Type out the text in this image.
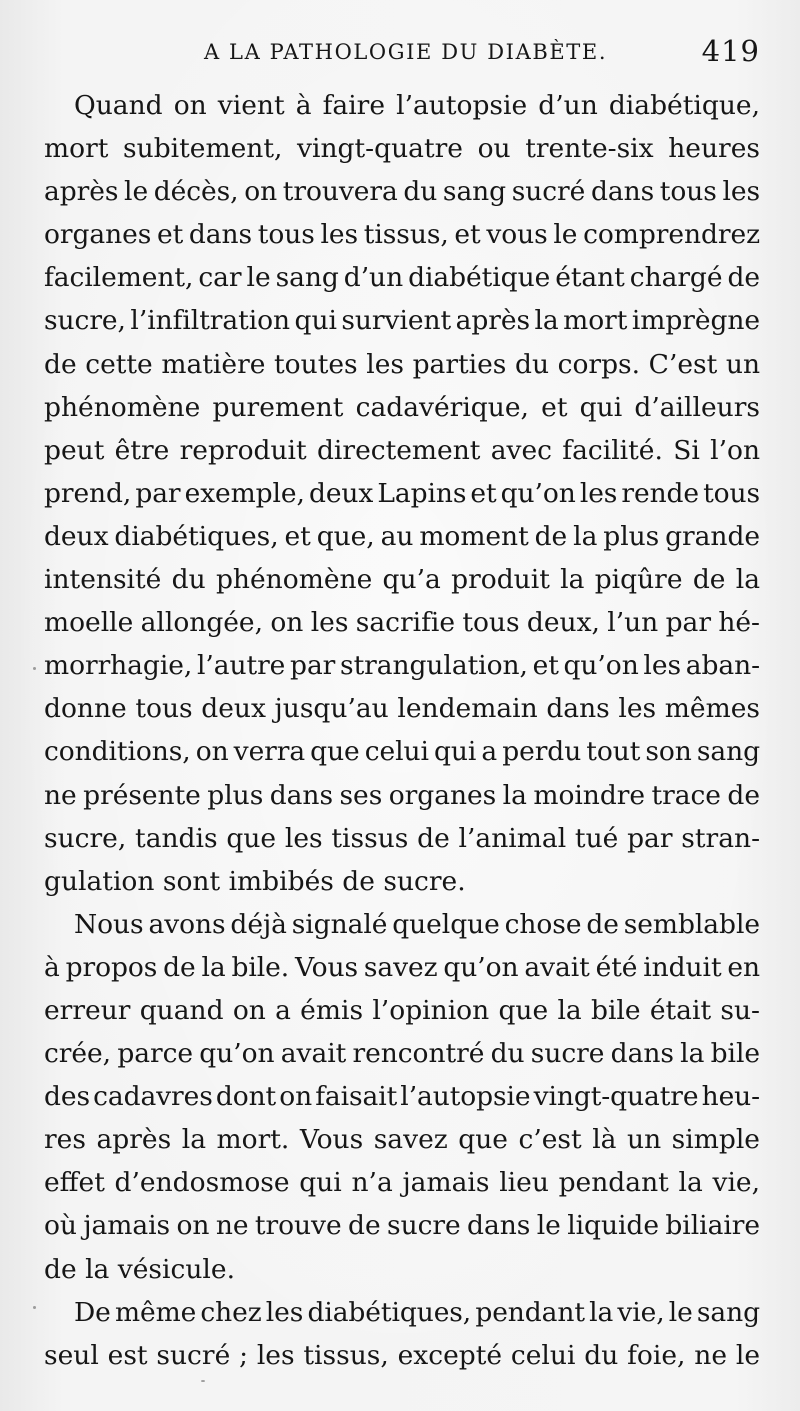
A LA PATHOLOGIE DU DIABÈTE.	419
Quand on vient à faire l’autopsie d’un diabétique,
mort subitement, vingt-quatre ou trente-six heures
après le décès, on trouvera du sang sucré dans tous les
organes et dans tous les tissus, et vous le comprendrez
facilement, car le sang d’un diabétique étant chargé de
sucre, l’infiltration qui survient après la mort imprègne
de cette matière toutes les parties du corps. C’est un
phénomène purement cadavérique, et qui d’ailleurs
peut être reproduit directement avec facilité. Si l’on
prend, par exemple, deux Lapins et qu’on les rende tous
deux diabétiques, et que, au moment de la plus grande
intensité du phénomène qu’a produit la piqûre de la
moelle allongée, on les sacrifie tous deux, l’un par hé-
morrhagie, l’autre par strangulation, et qu’on les aban-
donne tous deux jusqu’au lendemain dans les mêmes
conditions, on verra que celui qui a perdu tout son sang
ne présente plus dans ses organes la moindre trace de
sucre, tandis que les tissus de l’animal tué par stran-
gulation sont imbibés de sucre.
Nous avons déjà signalé quelque chose de semblable
à propos de la bile. Vous savez qu’on avait été induit en
erreur quand on a émis l’opinion que la bile était su-
crée, parce qu’on avait rencontré du sucre dans la bile
des cadavres dont on faisait l’autopsie vingt-quatre heu-
res après la mort. Vous savez que c’est là un simple
effet d’endosmose qui n’a jamais lieu pendant la vie,
où jamais on ne trouve de sucre dans le liquide biliaire
de la vésicule.
De même chez les diabétiques, pendant la vie, le sang
seul est sucré ; les tissus, excepté celui du foie, ne le
